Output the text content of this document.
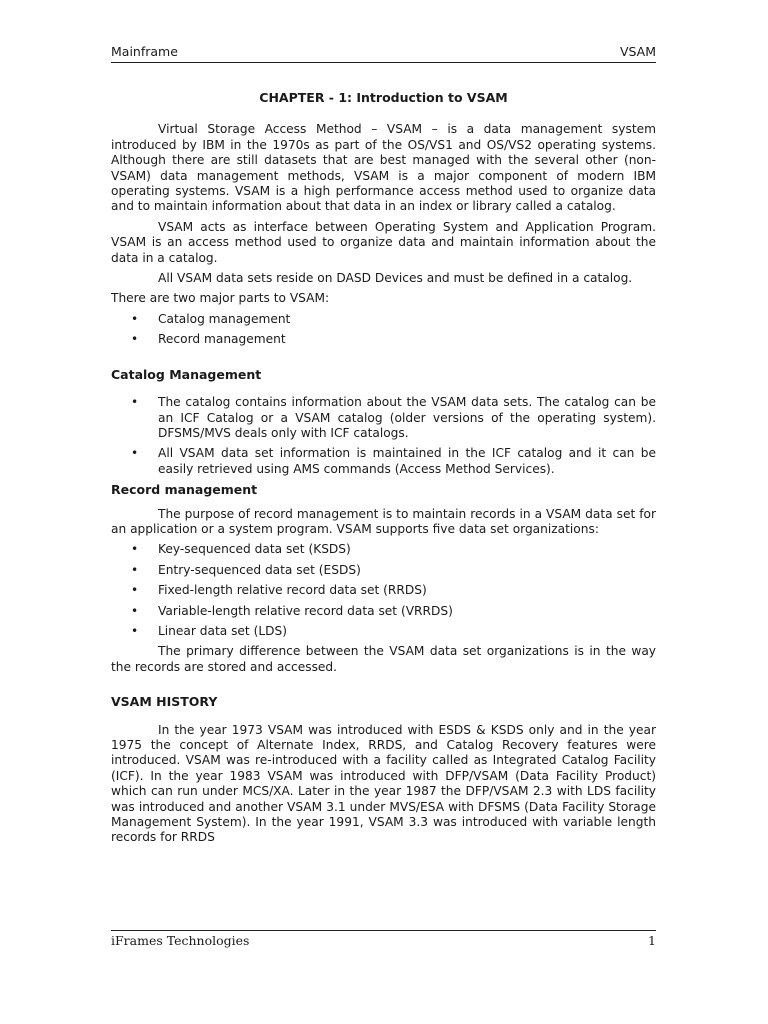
Mainframe	VSAM
CHAPTER - 1: Introduction to VSAM

Virtual Storage Access Method – VSAM – is a data management system introduced by IBM in the 1970s as part of the OS/VS1 and OS/VS2 operating systems. Although there are still datasets that are best managed with the several other (non-VSAM) data management methods, VSAM is a major component of modern IBM operating systems. VSAM is a high performance access method used to organize data and to maintain information about that data in an index or library called a catalog.

VSAM acts as interface between Operating System and Application Program. VSAM is an access method used to organize data and maintain information about the data in a catalog.

All VSAM data sets reside on DASD Devices and must be defined in a catalog.

There are two major parts to VSAM:

• Catalog management
• Record management
Catalog Management
• The catalog contains information about the VSAM data sets. The catalog can be an ICF Catalog or a VSAM catalog (older versions of the operating system). DFSMS/MVS deals only with ICF catalogs.
• All VSAM data set information is maintained in the ICF catalog and it can be easily retrieved using AMS commands (Access Method Services).
Record management

The purpose of record management is to maintain records in a VSAM data set for an application or a system program. VSAM supports five data set organizations:

• Key-sequenced data set (KSDS)
• Entry-sequenced data set (ESDS)
• Fixed-length relative record data set (RRDS)
• Variable-length relative record data set (VRRDS)
• Linear data set (LDS)

The primary difference between the VSAM data set organizations is in the way the records are stored and accessed.

VSAM HISTORY

In the year 1973 VSAM was introduced with ESDS & KSDS only and in the year 1975 the concept of Alternate Index, RRDS, and Catalog Recovery features were introduced. VSAM was re-introduced with a facility called as Integrated Catalog Facility (ICF). In the year 1983 VSAM was introduced with DFP/VSAM (Data Facility Product) which can run under MCS/XA. Later in the year 1987 the DFP/VSAM 2.3 with LDS facility was introduced and another VSAM 3.1 under MVS/ESA with DFSMS (Data Facility Storage Management System). In the year 1991, VSAM 3.3 was introduced with variable length records for RRDS

iFrames Technologies	1
